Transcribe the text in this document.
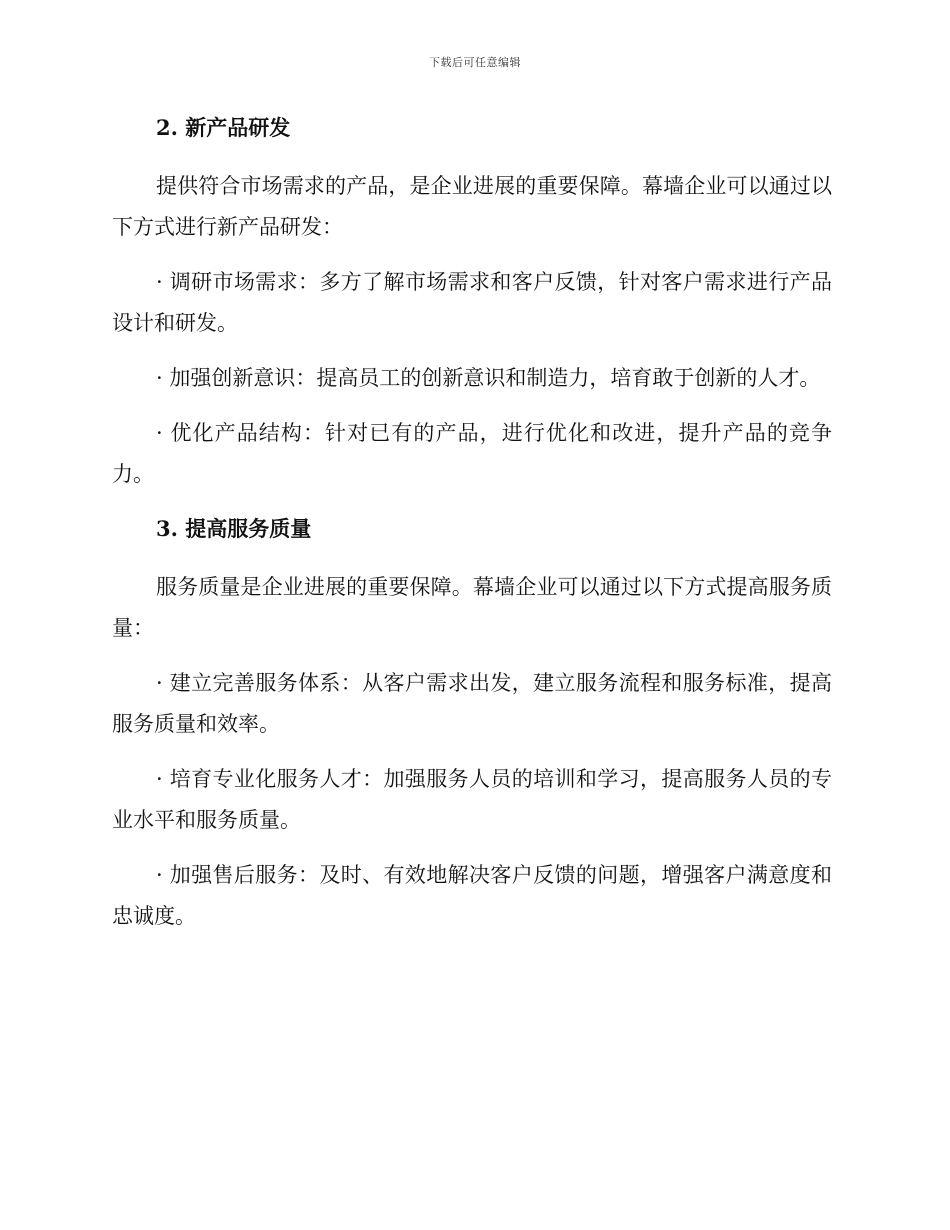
下载后可任意编辑
2. 新产品研发

提供符合市场需求的产品，是企业进展的重要保障。幕墙企业可以通过以下方式进行新产品研发：

· 调研市场需求：多方了解市场需求和客户反馈，针对客户需求进行产品设计和研发。

· 加强创新意识：提高员工的创新意识和制造力，培育敢于创新的人才。

· 优化产品结构：针对已有的产品，进行优化和改进，提升产品的竞争力。

3. 提高服务质量

服务质量是企业进展的重要保障。幕墙企业可以通过以下方式提高服务质量：

· 建立完善服务体系：从客户需求出发，建立服务流程和服务标准，提高服务质量和效率。

· 培育专业化服务人才：加强服务人员的培训和学习，提高服务人员的专业水平和服务质量。

· 加强售后服务：及时、有效地解决客户反馈的问题，增强客户满意度和忠诚度。
